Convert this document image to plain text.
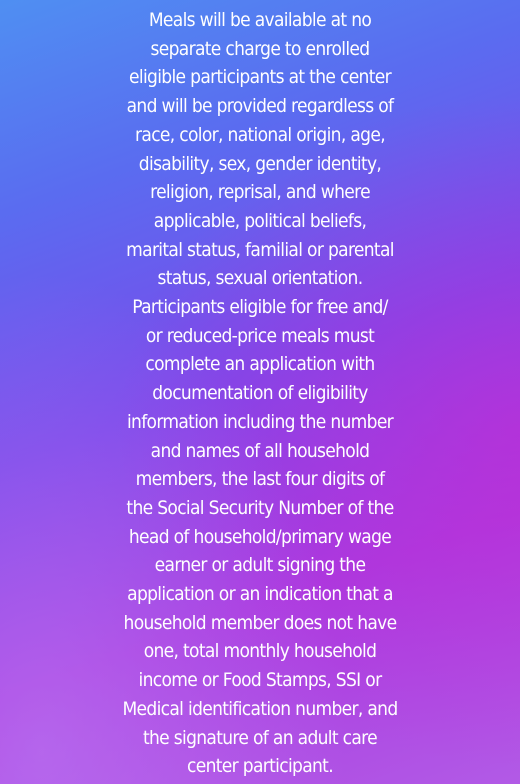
Meals will be available at no
separate charge to enrolled
eligible participants at the center
and will be provided regardless of
race, color, national origin, age,
disability, sex, gender identity,
religion, reprisal, and where
applicable, political beliefs,
marital status, familial or parental
status, sexual orientation.
Participants eligible for free and/
or reduced-price meals must
complete an application with
documentation of eligibility
information including the number
and names of all household
members, the last four digits of
the Social Security Number of the
head of household/primary wage
earner or adult signing the
application or an indication that a
household member does not have
one, total monthly household
income or Food Stamps, SSI or
Medical identification number, and
the signature of an adult care
center participant.
